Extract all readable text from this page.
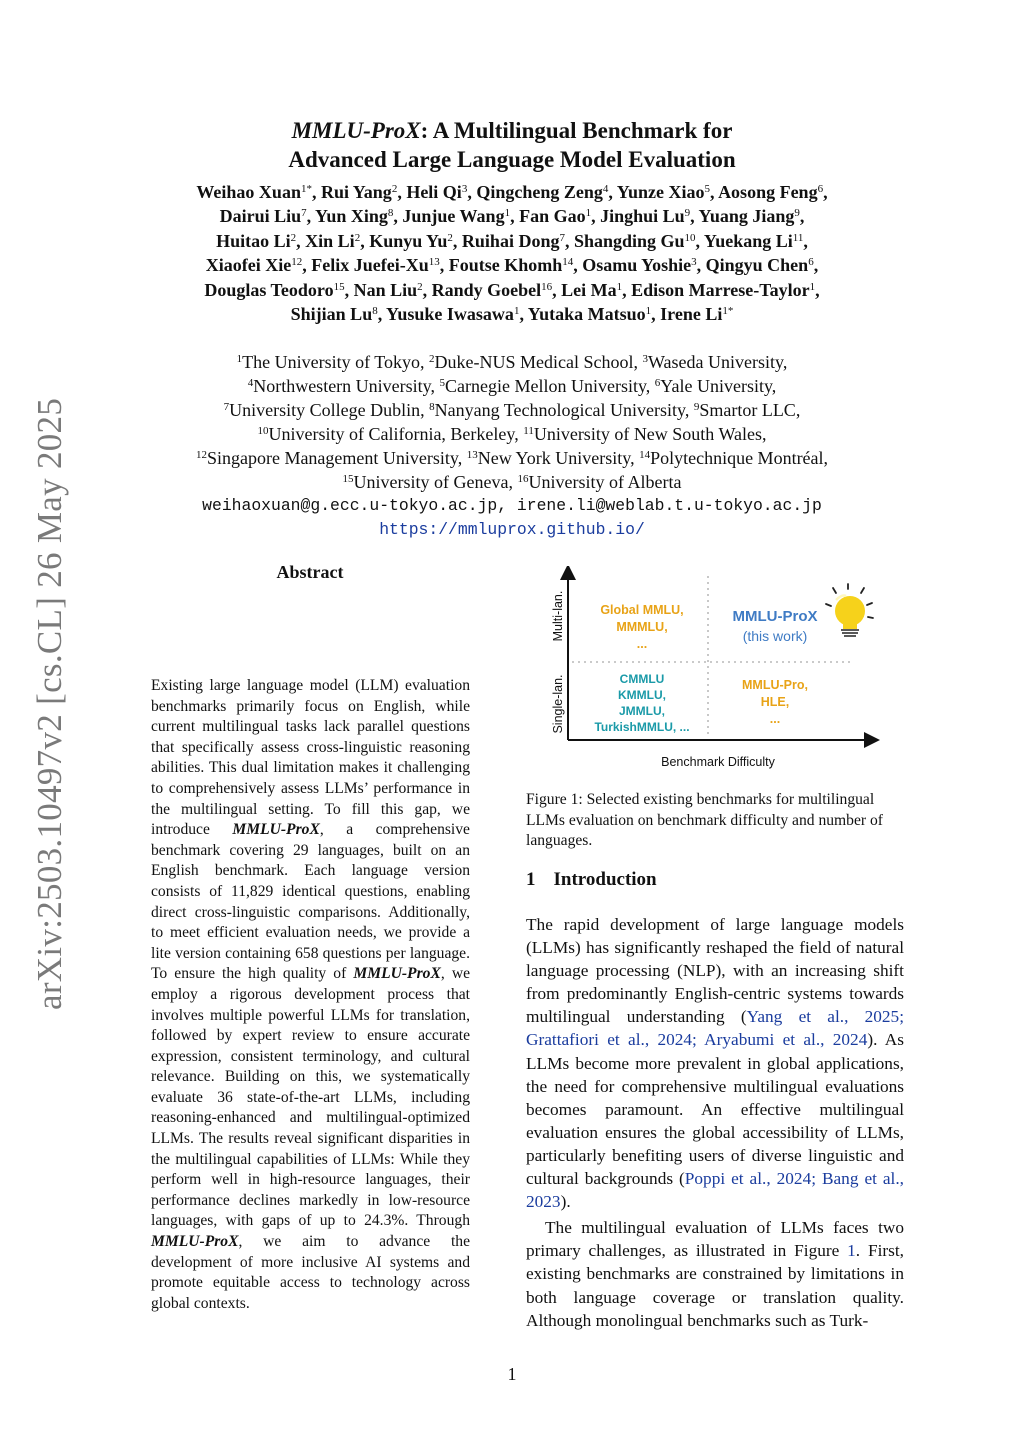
arXiv:2503.10497v2 [cs.CL] 26 May 2025
MMLU-ProX: A Multilingual Benchmark for
Advanced Large Language Model Evaluation
Weihao Xuan$^{1*}$, Rui Yang$^2$, Heli Qi$^3$, Qingcheng Zeng$^4$, Yunze Xiao$^5$, Aosong Feng$^6$,
Dairui Liu$^7$, Yun Xing$^8$, Junjue Wang$^1$, Fan Gao$^1$, Jinghui Lu$^9$, Yuang Jiang$^9$,
Huitao Li$^2$, Xin Li$^2$, Kunyu Yu$^2$, Ruihai Dong$^7$, Shangding Gu$^{10}$, Yuekang Li$^{11}$,
Xiaofei Xie$^{12}$, Felix Juefei-Xu$^{13}$, Foutse Khomh$^{14}$, Osamu Yoshie$^3$, Qingyu Chen$^6$,
Douglas Teodoro$^{15}$, Nan Liu$^2$, Randy Goebel$^{16}$, Lei Ma$^1$, Edison Marrese-Taylor$^1$,
Shijian Lu$^8$, Yusuke Iwasawa$^1$, Yutaka Matsuo$^1$, Irene $Li^{1*}$
$^1$The University of Tokyo, $^2$Duke-NUS Medical School, $^3$Waseda University,
$^4$Northwestern University, $^5$Carnegie Mellon University, $^6$Yale University,
$^7$University College Dublin, $^8$Nanyang Technological University, $^9$Smartor LLC,
$^{10}$University of California, Berkeley, $^{11}$University of New South Wales,
$^{12}$Singapore Management University, $^{13}$New York University, $^{14}$Polytechnique Montréal,
$^{15}$University of Geneva, $^{16}$University of Alberta
weihaoxuan@g.ecc.u-tokyo.ac.jp, irene.li@weblab.t.u-tokyo.ac.jp
https://mmluprox.github.io/
Abstract
Existing large language model (LLM) evaluation benchmarks primarily focus on English, while current multilingual tasks lack parallel questions that specifically assess cross-linguistic reasoning abilities. This dual limitation makes it challenging to comprehensively assess LLMs’ performance in the multilingual setting. To fill this gap, we introduce MMLU-ProX, a comprehensive benchmark covering 29 languages, built on an English benchmark. Each language version consists of 11,829 identical questions, enabling direct cross-linguistic comparisons. Additionally, to meet efficient evaluation needs, we provide a lite version containing 658 questions per language. To ensure the high quality of MMLU-ProX, we employ a rigorous development process that involves multiple powerful LLMs for translation, followed by expert review to ensure accurate expression, consistent terminology, and cultural relevance. Building on this, we systematically evaluate 36 state-of-the-art LLMs, including reasoning-enhanced and multilingual-optimized LLMs. The results reveal significant disparities in the multilingual capabilities of LLMs: While they perform well in high-resource languages, their performance declines markedly in low-resource languages, with gaps of up to 24.3%. Through MMLU-ProX, we aim to advance the development of more inclusive AI systems and promote equitable access to technology across global contexts.
Multi-lan.
Single-lan.
Benchmark Difficulty
Global MMLU,
MMMLU,
...
MMLU-ProX
(this work)
CMMLU
KMMLU,
JMMLU,
TurkishMMLU, ...
MMLU-Pro,
HLE,
...
Figure 1: Selected existing benchmarks for multilingual LLMs evaluation on benchmark difficulty and number of languages.
1 Introduction

The rapid development of large language models (LLMs) has significantly reshaped the field of natural language processing (NLP), with an increasing shift from predominantly English-centric systems towards multilingual understanding (Yang et al., 2025; Grattafiori et al., 2024; Aryabumi et al., 2024). As LLMs become more prevalent in global applications, the need for comprehensive multilingual evaluations becomes paramount. An effective multilingual evaluation ensures the global accessibility of LLMs, particularly benefiting users of diverse linguistic and cultural backgrounds (Poppi et al., 2024; Bang et al., 2023).

The multilingual evaluation of LLMs faces two primary challenges, as illustrated in Figure 1. First, existing benchmarks are constrained by limitations in both language coverage or translation quality. Although monolingual benchmarks such as Turk-

1
